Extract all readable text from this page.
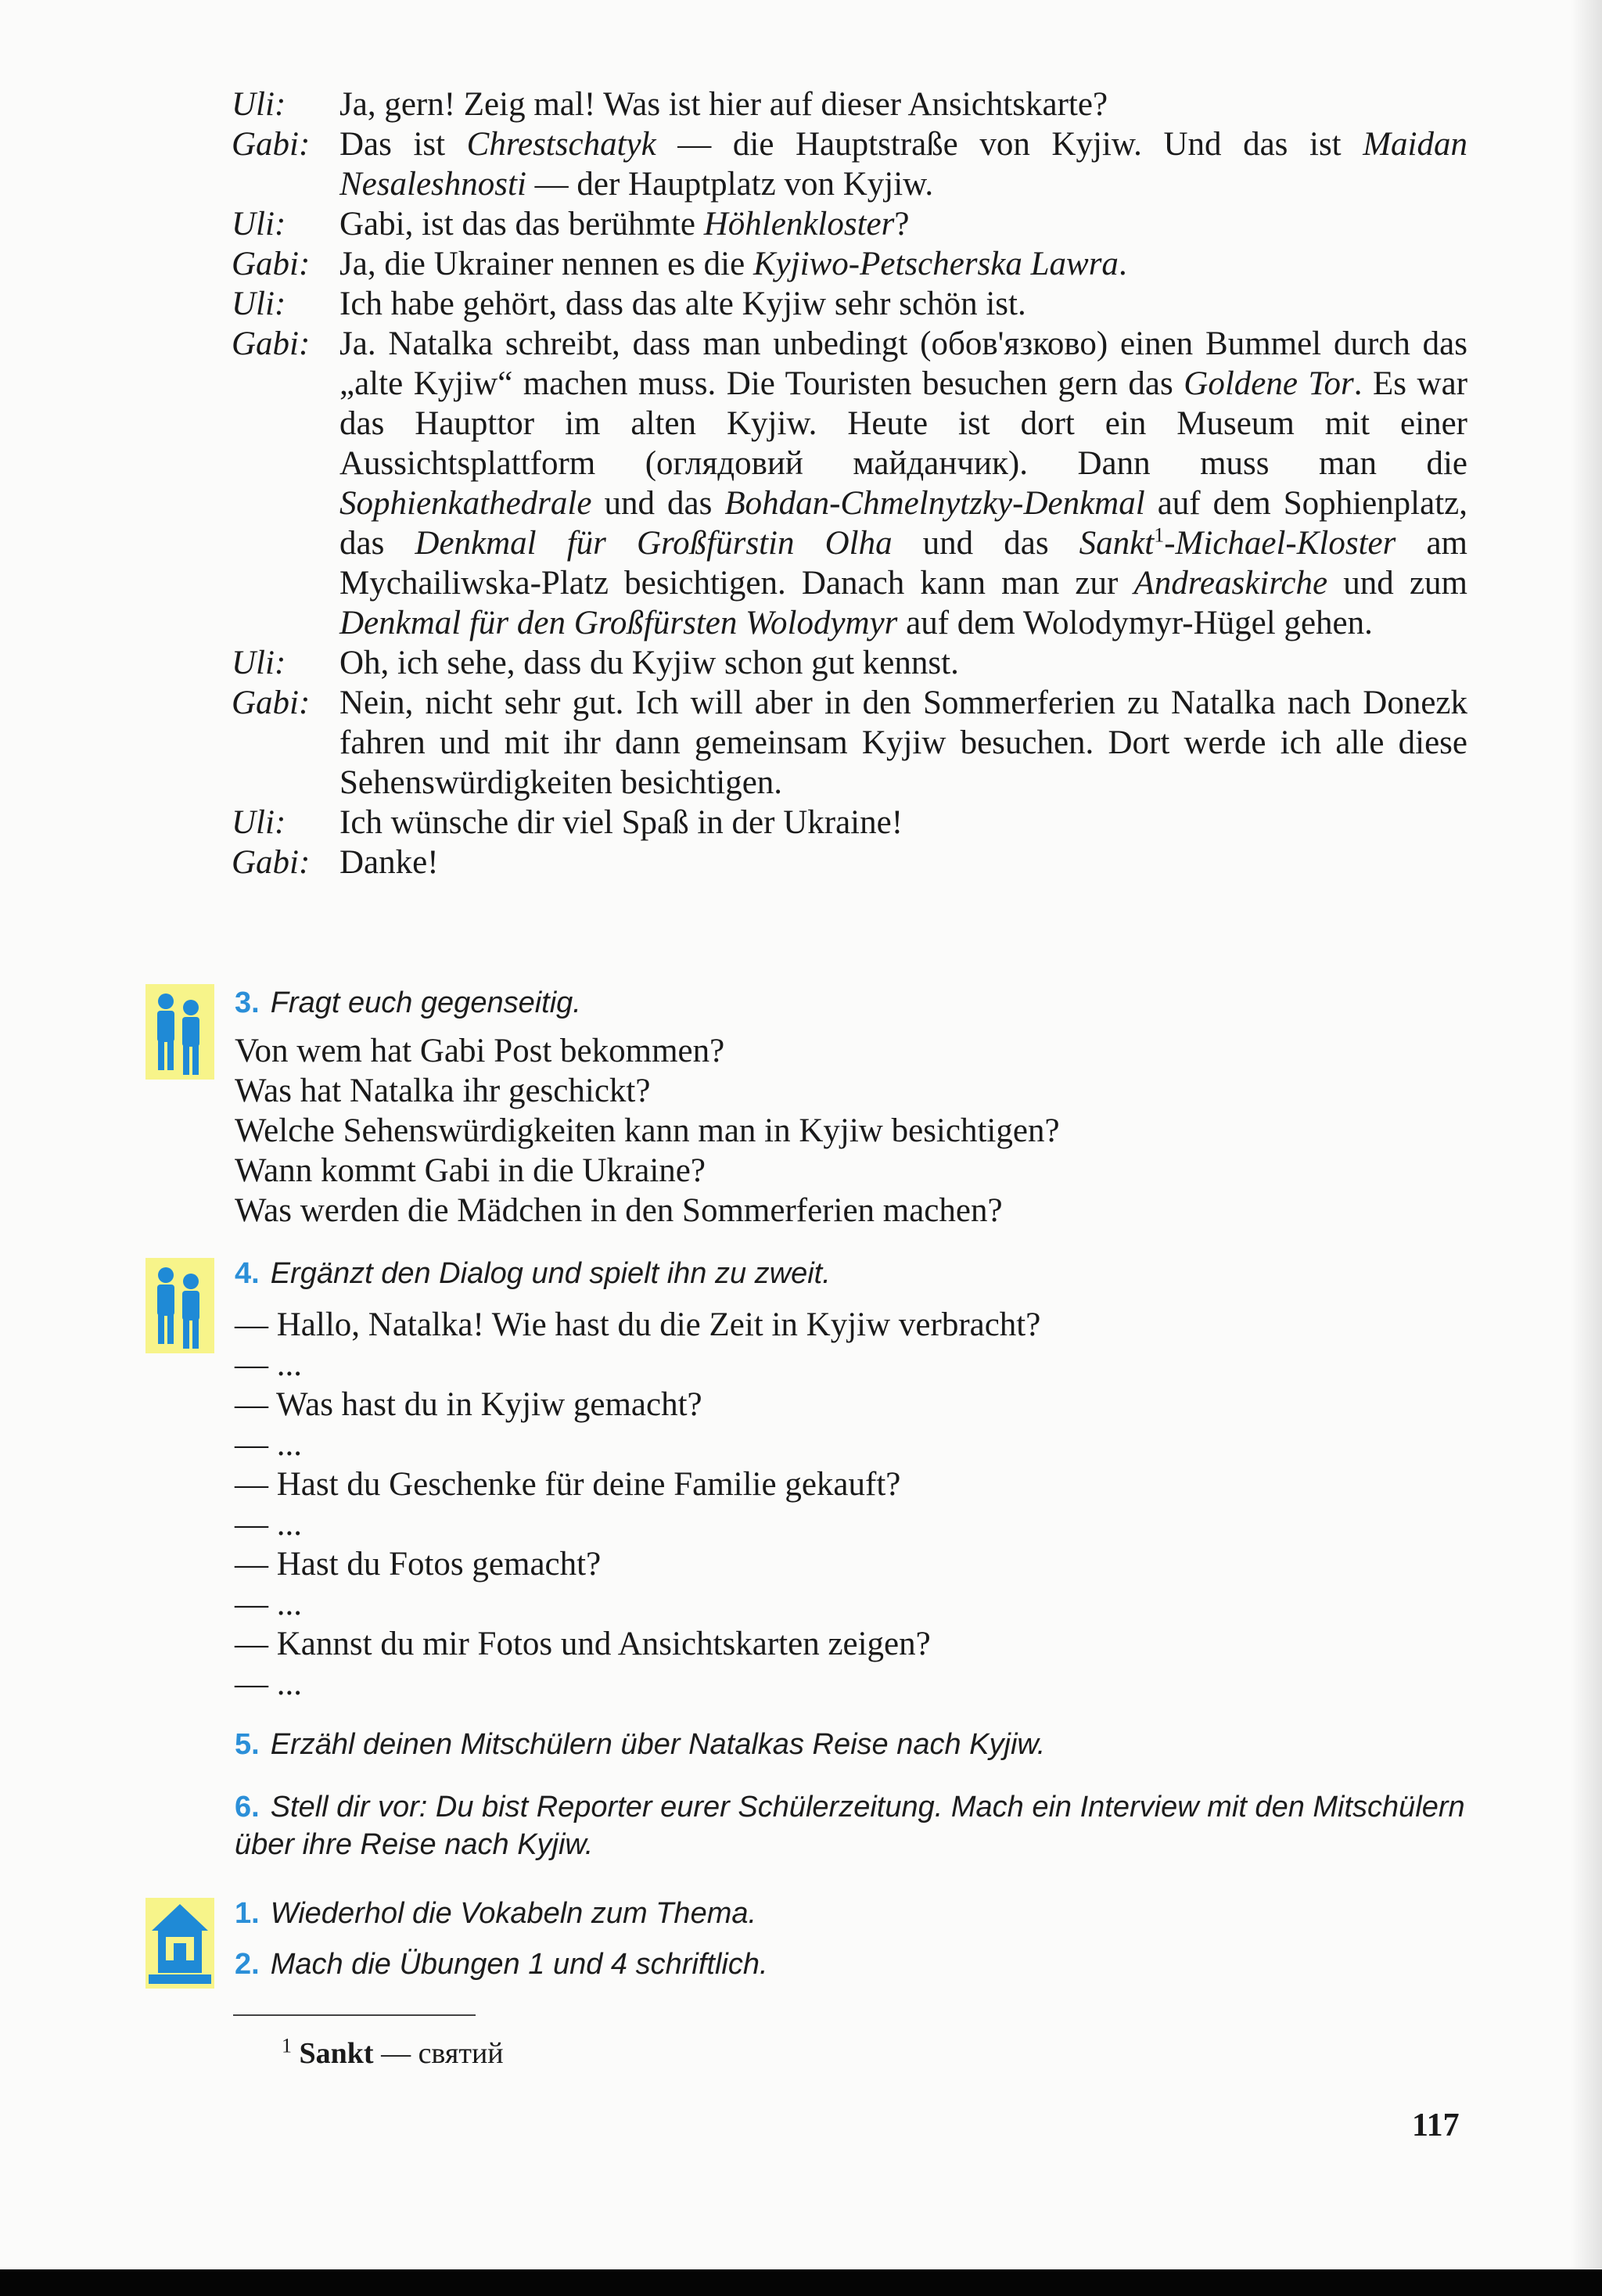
Uli: Ja, gern! Zeig mal! Was ist hier auf dieser Ansichtskarte?
Gabi: Das ist Chrestschatyk — die Hauptstraße von Kyjiw. Und das ist Maidan Nesaleshnosti — der Hauptplatz von Kyjiw.
Uli: Gabi, ist das das berühmte Höhlenkloster?
Gabi: Ja, die Ukrainer nennen es die Kyjiwo-Petscherska Lawra.
Uli: Ich habe gehört, dass das alte Kyjiw sehr schön ist.
Gabi: Ja. Natalka schreibt, dass man unbedingt (обов'язково) einen Bummel durch das „alte Kyjiw“ machen muss. Die Touristen besuchen gern das Goldene Tor. Es war das Haupttor im alten Kyjiw. Heute ist dort ein Museum mit einer Aussichtsplattform (оглядовий майданчик). Dann muss man die Sophienkathedrale und das Bohdan-Chmelnytzky-Denkmal auf dem Sophienplatz, das Denkmal für Großfürstin Olha und das Sankt$^1$-Michael-Kloster am Mychailiwska-Platz besichtigen. Danach kann man zur Andreaskirche und zum Denkmal für den Großfürsten Wolodymyr auf dem Wolodymyr-Hügel gehen.
Uli: Oh, ich sehe, dass du Kyjiw schon gut kennst.
Gabi: Nein, nicht sehr gut. Ich will aber in den Sommerferien zu Natalka nach Donezk fahren und mit ihr dann gemeinsam Kyjiw besuchen. Dort werde ich alle diese Sehenswürdigkeiten besichtigen.
Uli: Ich wünsche dir viel Spaß in der Ukraine!
Gabi: Danke!
3. Fragt euch gegenseitig.
Von wem hat Gabi Post bekommen?
Was hat Natalka ihr geschickt?
Welche Sehenswürdigkeiten kann man in Kyjiw besichtigen?
Wann kommt Gabi in die Ukraine?
Was werden die Mädchen in den Sommerferien machen?
4. Ergänzt den Dialog und spielt ihn zu zweit.
— Hallo, Natalka! Wie hast du die Zeit in Kyjiw verbracht?
— ...
— Was hast du in Kyjiw gemacht?
— ...
— Hast du Geschenke für deine Familie gekauft?
— ...
— Hast du Fotos gemacht?
— ...
— Kannst du mir Fotos und Ansichtskarten zeigen?
— ...
5. Erzähl deinen Mitschülern über Natalkas Reise nach Kyjiw.
6. Stell dir vor: Du bist Reporter eurer Schülerzeitung. Mach ein Interview mit den Mitschülern über ihre Reise nach Kyjiw.
1. Wiederhol die Vokabeln zum Thema.
2. Mach die Übungen 1 und 4 schriftlich.
$^1$ Sankt — святий
117
